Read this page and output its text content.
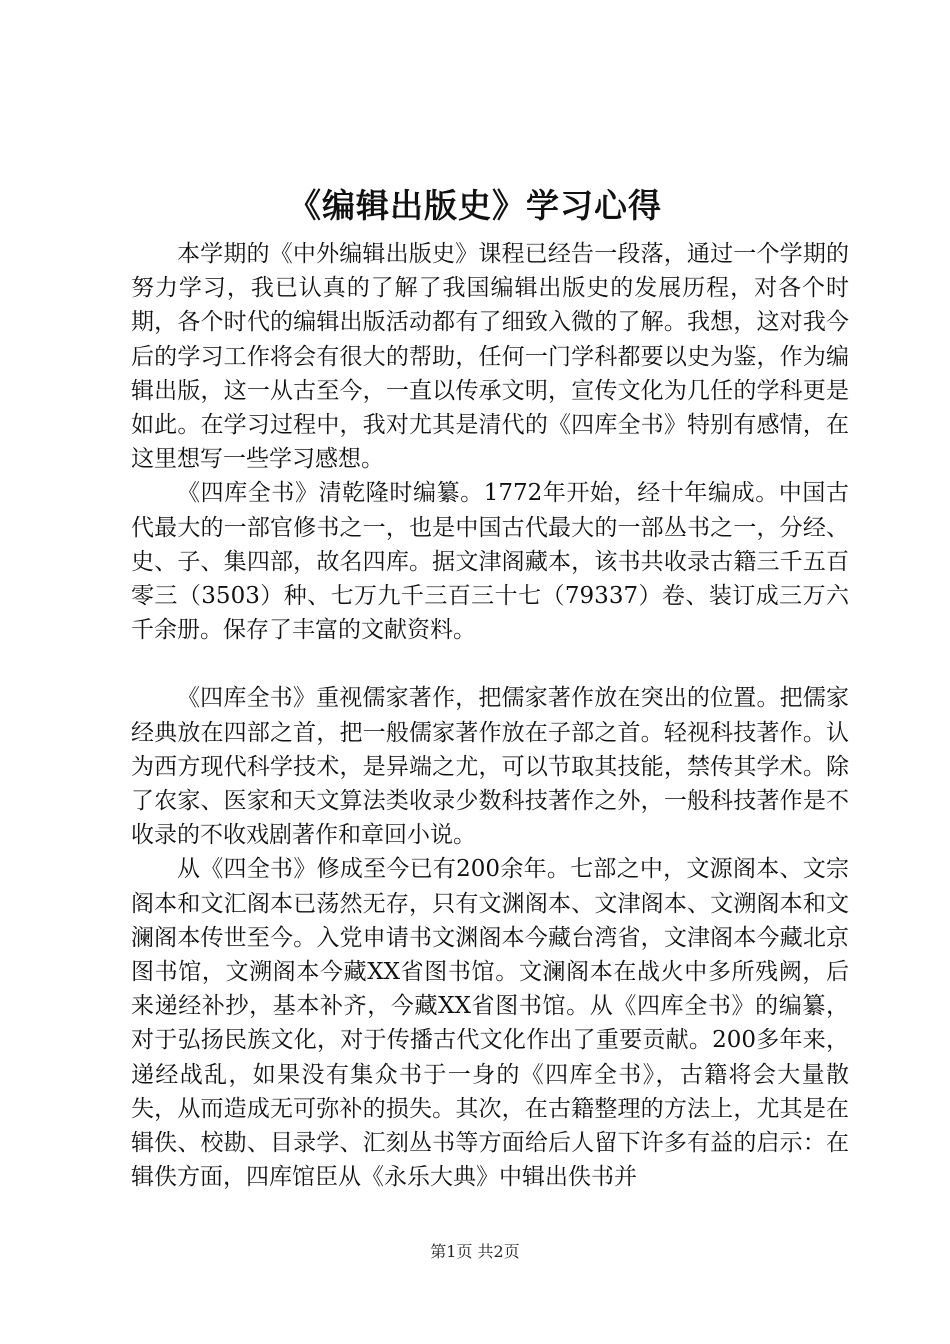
《编辑出版史》学习心得

本学期的《中外编辑出版史》课程已经告一段落，通过一个学期的努力学习，我已认真的了解了我国编辑出版史的发展历程，对各个时期，各个时代的编辑出版活动都有了细致入微的了解。我想，这对我今后的学习工作将会有很大的帮助，任何一门学科都要以史为鉴，作为编辑出版，这一从古至今，一直以传承文明，宣传文化为几任的学科更是如此。在学习过程中，我对尤其是清代的《四库全书》特别有感情，在这里想写一些学习感想。

《四库全书》清乾隆时编纂。1772年开始，经十年编成。中国古代最大的一部官修书之一，也是中国古代最大的一部丛书之一，分经、史、子、集四部，故名四库。据文津阁藏本，该书共收录古籍三千五百零三（3503）种、七万九千三百三十七（79337）卷、装订成三万六千余册。保存了丰富的文献资料。

《四库全书》重视儒家著作，把儒家著作放在突出的位置。把儒家经典放在四部之首，把一般儒家著作放在子部之首。轻视科技著作。认为西方现代科学技术，是异端之尤，可以节取其技能，禁传其学术。除了农家、医家和天文算法类收录少数科技著作之外，一般科技著作是不收录的不收戏剧著作和章回小说。

从《四全书》修成至今已有200余年。七部之中，文源阁本、文宗阁本和文汇阁本已荡然无存，只有文渊阁本、文津阁本、文溯阁本和文澜阁本传世至今。入党申请书文渊阁本今藏台湾省，文津阁本今藏北京图书馆，文溯阁本今藏XX省图书馆。文澜阁本在战火中多所残阙，后来递经补抄，基本补齐，今藏XX省图书馆。从《四库全书》的编纂，对于弘扬民族文化，对于传播古代文化作出了重要贡献。200多年来，递经战乱，如果没有集众书于一身的《四库全书》，古籍将会大量散失，从而造成无可弥补的损失。其次，在古籍整理的方法上，尤其是在辑佚、校勘、目录学、汇刻丛书等方面给后人留下许多有益的启示：在辑佚方面，四库馆臣从《永乐大典》中辑出佚书并

第1页 共2页
